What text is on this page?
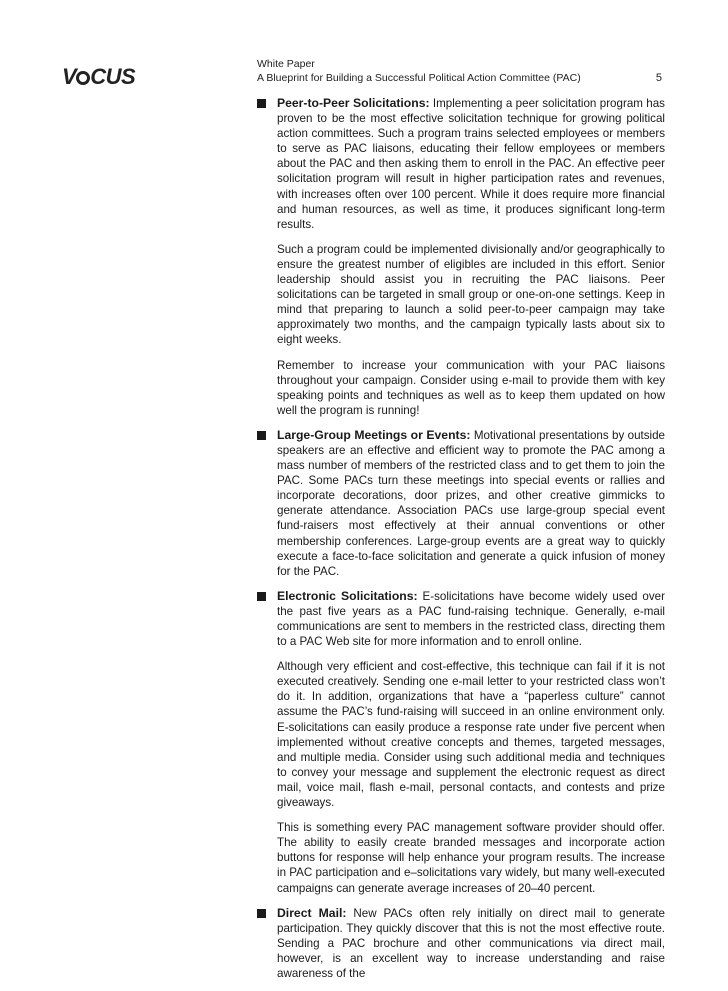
V CUS	White Paper
A Blueprint for Building a Successful Political Action Committee (PAC)	5

Peer-to-Peer Solicitations: Implementing a peer solicitation program has proven to be the most effective solicitation technique for growing political action committees. Such a program trains selected employees or members to serve as PAC liaisons, educating their fellow employees or members about the PAC and then asking them to enroll in the PAC. An effective peer solicitation program will result in higher participation rates and revenues, with increases often over 100 percent. While it does require more financial and human resources, as well as time, it produces significant long-term results.

Such a program could be implemented divisionally and/or geographically to ensure the greatest number of eligibles are included in this effort. Senior leadership should assist you in recruiting the PAC liaisons. Peer solicitations can be targeted in small group or one-on-one settings. Keep in mind that preparing to launch a solid peer-to-peer campaign may take approximately two months, and the campaign typically lasts about six to eight weeks.

Remember to increase your communication with your PAC liaisons throughout your campaign. Consider using e-mail to provide them with key speaking points and techniques as well as to keep them updated on how well the program is running!

Large-Group Meetings or Events: Motivational presentations by outside speakers are an effective and efficient way to promote the PAC among a mass number of members of the restricted class and to get them to join the PAC. Some PACs turn these meetings into special events or rallies and incorporate decorations, door prizes, and other creative gimmicks to generate attendance. Association PACs use large-group special event fund-raisers most effectively at their annual conventions or other membership conferences. Large-group events are a great way to quickly execute a face-to-face solicitation and generate a quick infusion of money for the PAC.

Electronic Solicitations: E-solicitations have become widely used over the past five years as a PAC fund-raising technique. Generally, e-mail communications are sent to members in the restricted class, directing them to a PAC Web site for more information and to enroll online.

Although very efficient and cost-effective, this technique can fail if it is not executed creatively. Sending one e-mail letter to your restricted class won’t do it. In addition, organizations that have a “paperless culture” cannot assume the PAC’s fund-raising will succeed in an online environment only. E-solicitations can easily produce a response rate under five percent when implemented without creative concepts and themes, targeted messages, and multiple media. Consider using such additional media and techniques to convey your message and supplement the electronic request as direct mail, voice mail, flash e-mail, personal contacts, and contests and prize giveaways.

This is something every PAC management software provider should offer. The ability to easily create branded messages and incorporate action buttons for response will help enhance your program results. The increase in PAC participation and e–solicitations vary widely, but many well-executed campaigns can generate average increases of 20–40 percent.

Direct Mail: New PACs often rely initially on direct mail to generate participation. They quickly discover that this is not the most effective route. Sending a PAC brochure and other communications via direct mail, however, is an excellent way to increase understanding and raise awareness of the
